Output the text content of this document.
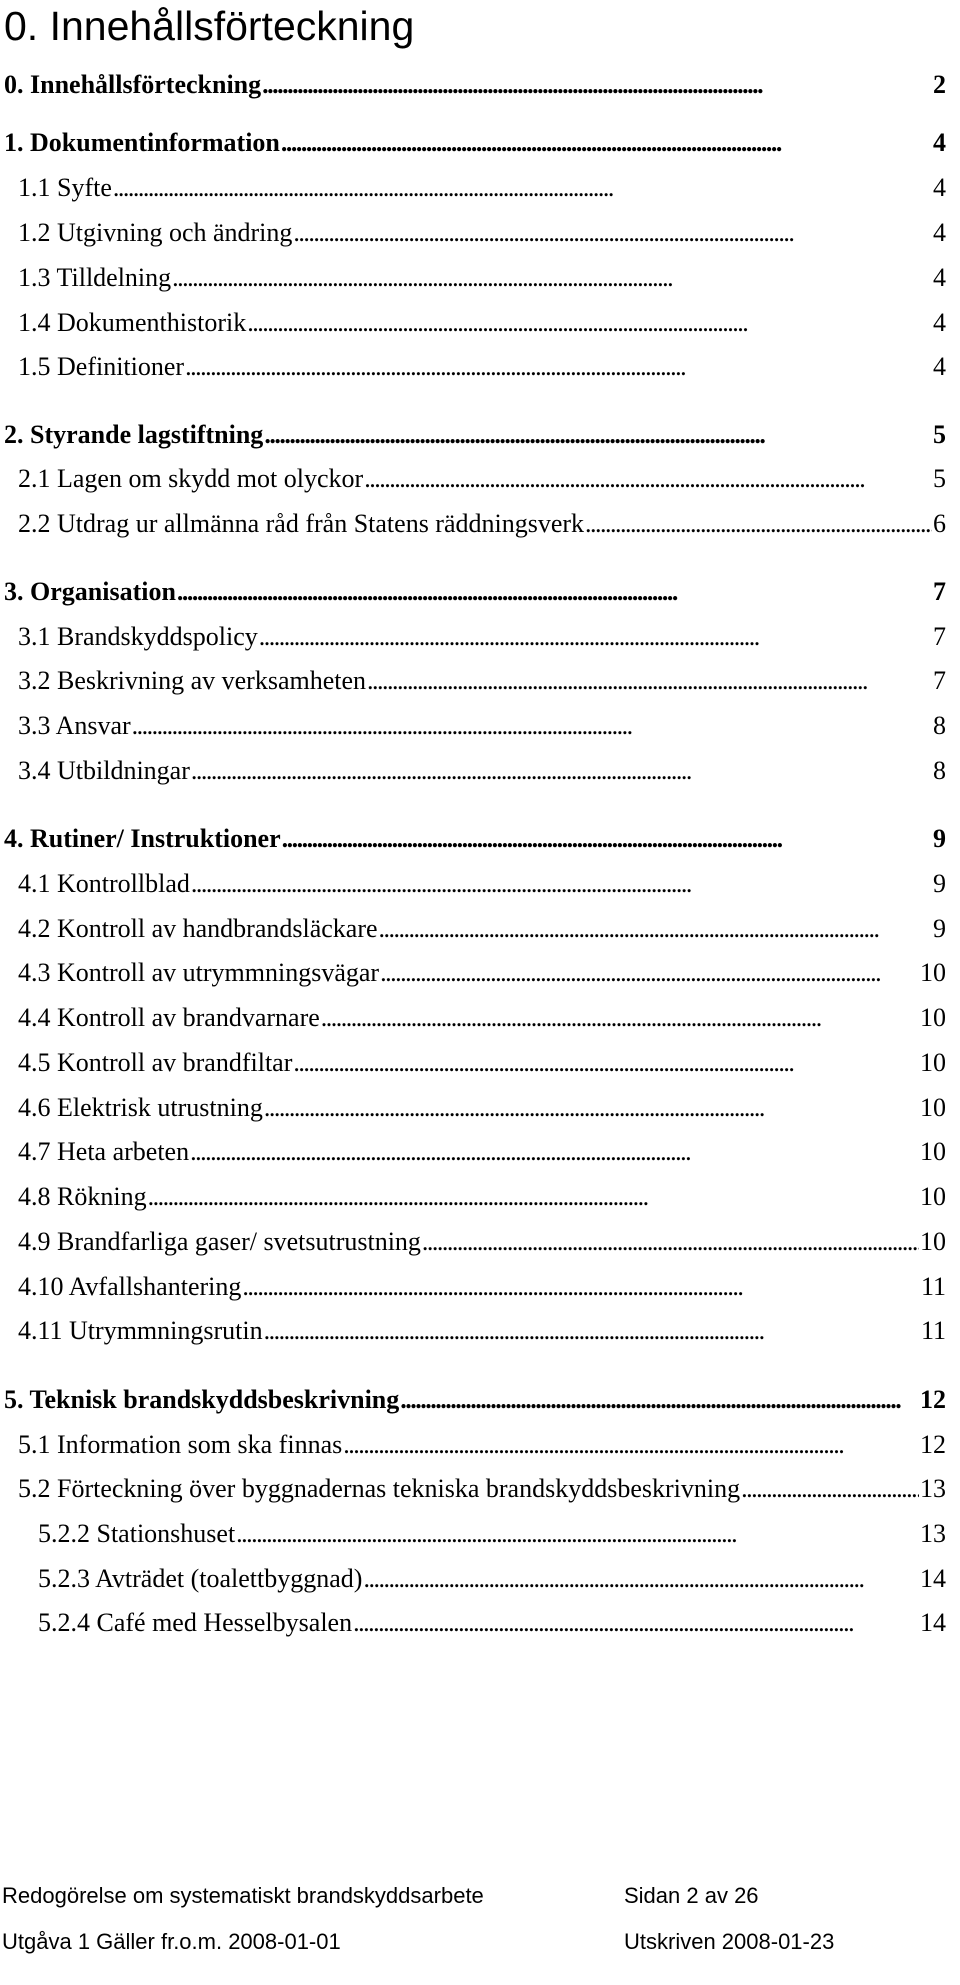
0. Innehållsförteckning
0. Innehållsförteckning . . .	2
1. Dokumentinformation . . .	4
1.1 Syfte . . .	4
1.2 Utgivning och ändring . . .	4
1.3 Tilldelning . . .	4
1.4 Dokumenthistorik . . .	4
1.5 Definitioner . . .	4
2. Styrande lagstiftning . . .	5
2.1 Lagen om skydd mot olyckor . . .	5
2.2 Utdrag ur allmänna råd från Statens räddningsverk . . .	6
3. Organisation . . .	7
3.1 Brandskyddspolicy . . .	7
3.2 Beskrivning av verksamheten . . .	7
3.3 Ansvar . . .	8
3.4 Utbildningar . . .	8
4. Rutiner/ Instruktioner . . .	9
4.1 Kontrollblad . . .	9
4.2 Kontroll av handbrandsläckare . . .	9
4.3 Kontroll av utrymmningsvägar . . .	10
4.4 Kontroll av brandvarnare . . .	10
4.5 Kontroll av brandfiltar . . .	10
4.6 Elektrisk utrustning . . .	10
4.7 Heta arbeten . . .	10
4.8 Rökning . . .	10
4.9 Brandfarliga gaser/ svetsutrustning . . .	10
4.10 Avfallshantering . . .	11
4.11 Utrymmningsrutin . . .	11
5. Teknisk brandskyddsbeskrivning . . .	12
5.1 Information som ska finnas . . .	12
5.2 Förteckning över byggnadernas tekniska brandskyddsbeskrivning . . .	13
5.2.2 Stationshuset . . .	13
5.2.3 Avträdet (toalettbyggnad) . . .	14
5.2.4 Café med Hesselbysalen . . .	14
Redogörelse om systematiskt brandskyddsarbete	Sidan 2 av 26
Utgåva 1 Gäller fr.o.m. 2008-01-01	Utskriven 2008-01-23
